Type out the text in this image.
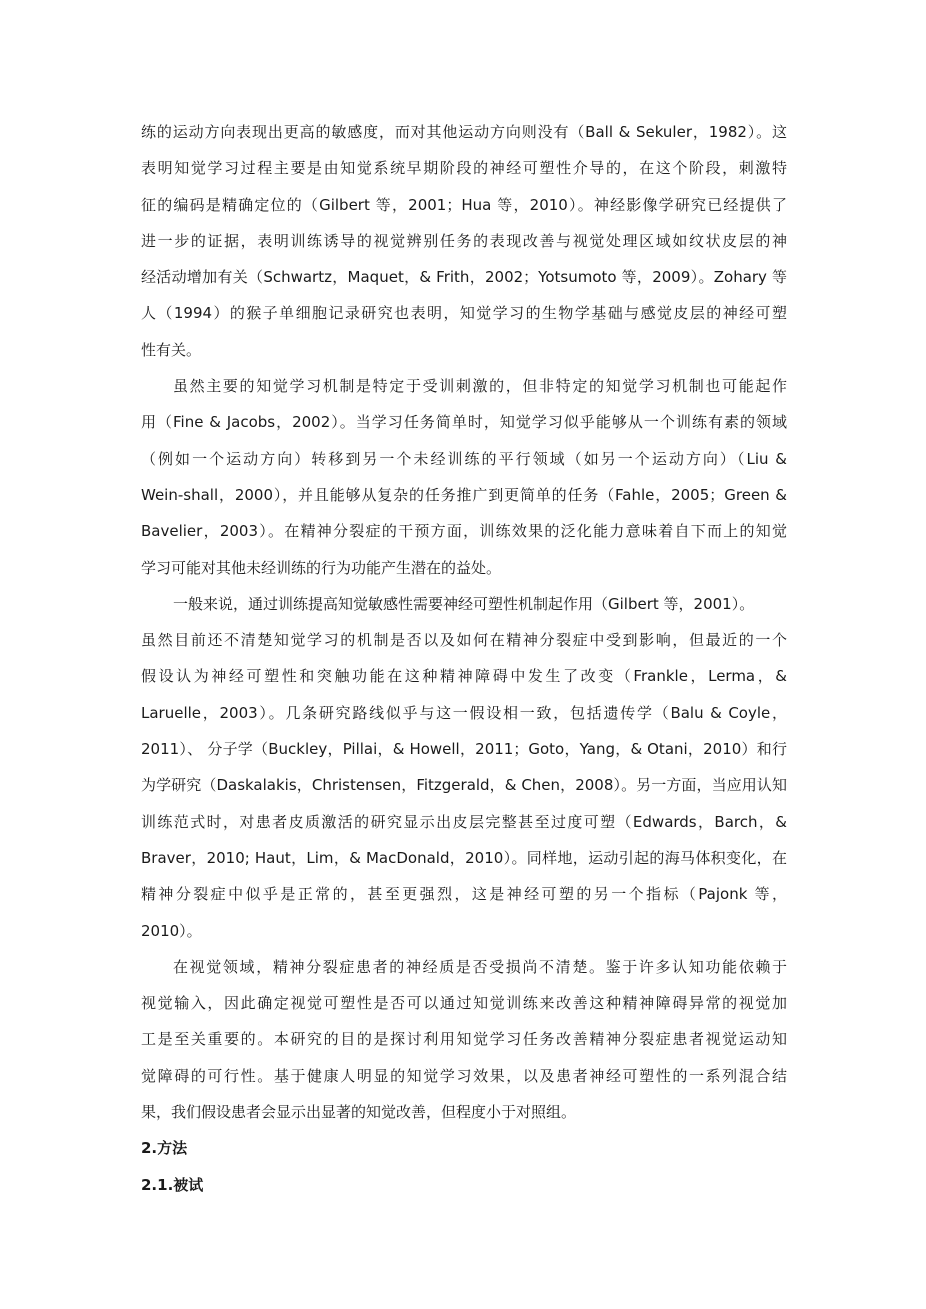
练的运动方向表现出更高的敏感度，而对其他运动方向则没有（Ball & Sekuler，1982）。这
表明知觉学习过程主要是由知觉系统早期阶段的神经可塑性介导的，在这个阶段，刺激特
征的编码是精确定位的（Gilbert 等，2001；Hua 等，2010）。神经影像学研究已经提供了
进一步的证据，表明训练诱导的视觉辨别任务的表现改善与视觉处理区域如纹状皮层的神
经活动增加有关（Schwartz，Maquet，& Frith，2002；Yotsumoto 等，2009）。Zohary 等
人（1994）的猴子单细胞记录研究也表明，知觉学习的生物学基础与感觉皮层的神经可塑
性有关。
虽然主要的知觉学习机制是特定于受训刺激的，但非特定的知觉学习机制也可能起作
用（Fine & Jacobs，2002）。当学习任务简单时，知觉学习似乎能够从一个训练有素的领域
（例如一个运动方向）转移到另一个未经训练的平行领域（如另一个运动方向）（Liu &
Wein-shall，2000），并且能够从复杂的任务推广到更简单的任务（Fahle，2005；Green &
Bavelier，2003）。在精神分裂症的干预方面，训练效果的泛化能力意味着自下而上的知觉
学习可能对其他未经训练的行为功能产生潜在的益处。
一般来说，通过训练提高知觉敏感性需要神经可塑性机制起作用（Gilbert 等，2001）。
虽然目前还不清楚知觉学习的机制是否以及如何在精神分裂症中受到影响，但最近的一个
假设认为神经可塑性和突触功能在这种精神障碍中发生了改变（Frankle，Lerma，&
Laruelle，2003）。几条研究路线似乎与这一假设相一致，包括遗传学（Balu & Coyle，
2011）、 分子学（Buckley，Pillai，& Howell，2011；Goto，Yang，& Otani，2010）和行
为学研究（Daskalakis，Christensen，Fitzgerald，& Chen，2008）。另一方面，当应用认知
训练范式时，对患者皮质激活的研究显示出皮层完整甚至过度可塑（Edwards，Barch，&
Braver，2010; Haut，Lim，& MacDonald，2010）。同样地，运动引起的海马体积变化，在
精神分裂症中似乎是正常的，甚至更强烈，这是神经可塑的另一个指标（Pajonk 等，
2010）。
在视觉领域，精神分裂症患者的神经质是否受损尚不清楚。鉴于许多认知功能依赖于
视觉输入，因此确定视觉可塑性是否可以通过知觉训练来改善这种精神障碍异常的视觉加
工是至关重要的。本研究的目的是探讨利用知觉学习任务改善精神分裂症患者视觉运动知
觉障碍的可行性。基于健康人明显的知觉学习效果，以及患者神经可塑性的一系列混合结
果，我们假设患者会显示出显著的知觉改善，但程度小于对照组。
2.方法
2.1.被试
